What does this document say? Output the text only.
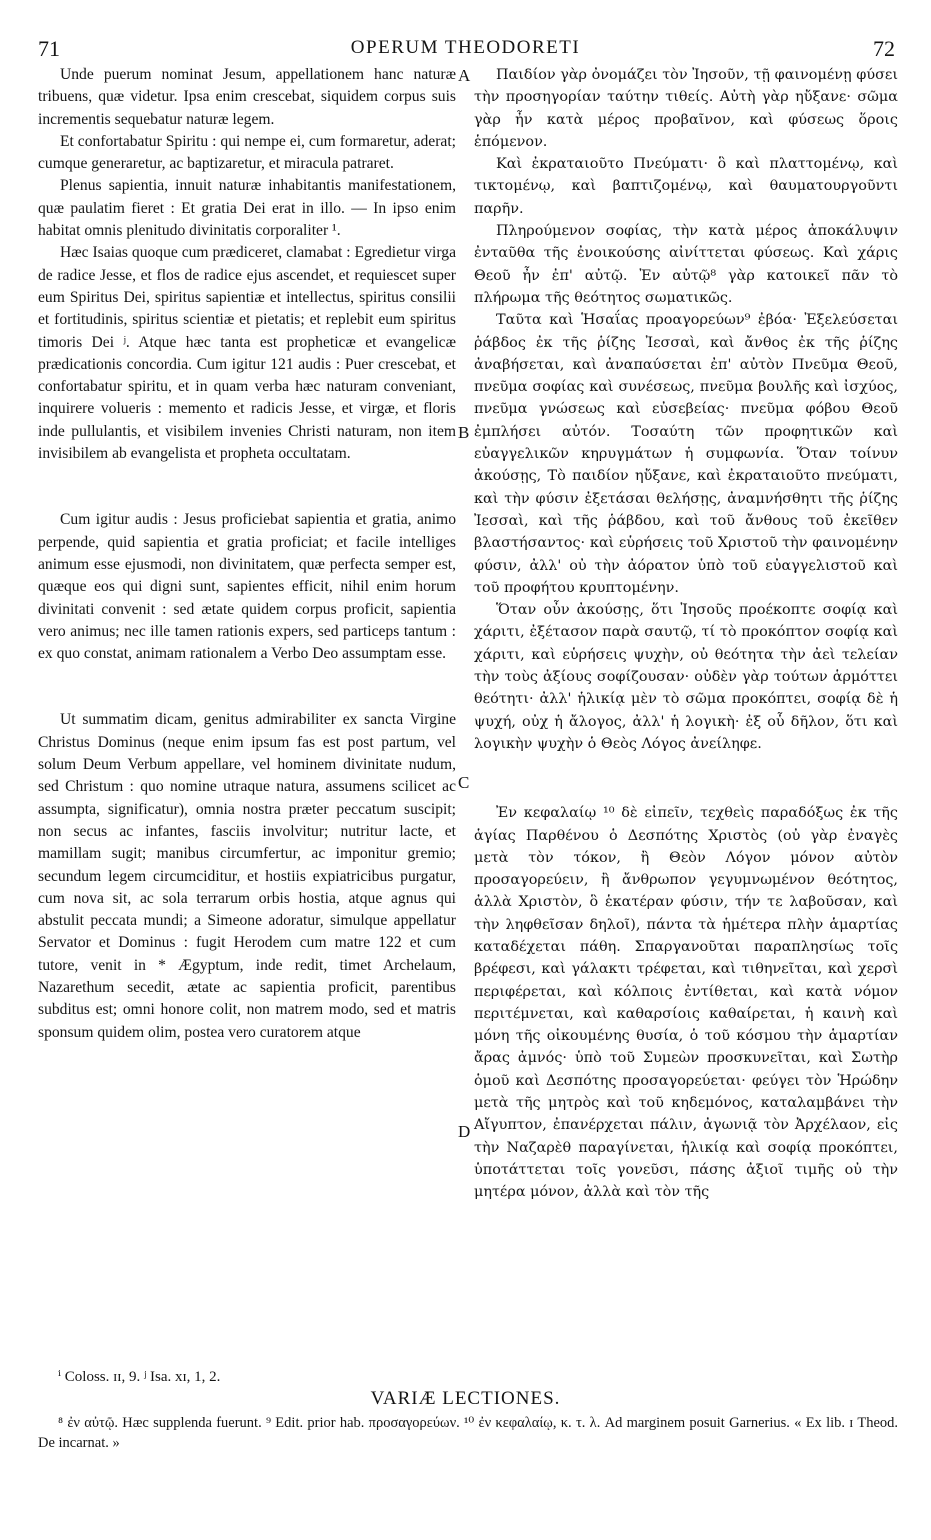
71	OPERUM THEODORETI	72

Unde puerum nominat Jesum, appellationem hanc naturæ tribuens, quæ videtur. Ipsa enim crescebat, siquidem corpus suis incrementis sequebatur naturæ legem.

Et confortabatur Spiritu : qui nempe ei, cum formaretur, aderat; cumque generaretur, ac baptizaretur, et miracula patraret.

Plenus sapientia, innuit naturæ inhabitantis manifestationem, quæ paulatim fieret : Et gratia Dei erat in illo. — In ipso enim habitat omnis plenitudo divinitatis corporaliter ¹.

Hæc Isaias quoque cum prædiceret, clamabat : Egredietur virga de radice Jesse, et flos de radice ejus ascendet, et requiescet super eum Spiritus Dei, spiritus sapientiæ et intellectus, spiritus consilii et fortitudinis, spiritus scientiæ et pietatis; et replebit eum spiritus timoris Dei ʲ. Atque hæc tanta est propheticæ et evangelicæ prædicationis concordia. Cum igitur 121 audis : Puer crescebat, et confortabatur spiritu, et in quam verba hæc naturam conveniant, inquirere volueris : memento et radicis Jesse, et virgæ, et floris inde pullulantis, et visibilem invenies Christi naturam, non item invisibilem ab evangelista et propheta occultatam.

Cum igitur audis : Jesus proficiebat sapientia et gratia, animo perpende, quid sapientia et gratia proficiat; et facile intelliges animum esse ejusmodi, non divinitatem, quæ perfecta semper est, quæque eos qui digni sunt, sapientes efficit, nihil enim horum divinitati convenit : sed ætate quidem corpus proficit, sapientia vero animus; nec ille tamen rationis expers, sed particeps tantum : ex quo constat, animam rationalem a Verbo Deo assumptam esse.

Ut summatim dicam, genitus admirabiliter ex sancta Virgine Christus Dominus (neque enim ipsum fas est post partum, vel solum Deum Verbum appellare, vel hominem divinitate nudum, sed Christum : quo nomine utraque natura, assumens scilicet ac assumpta, significatur), omnia nostra præter peccatum suscipit; non secus ac infantes, fasciis involvitur; nutritur lacte, et mamillam sugit; manibus circumfertur, ac imponitur gremio; secundum legem circumciditur, et hostiis expiatricibus purgatur, cum nova sit, ac sola terrarum orbis hostia, atque agnus qui abstulit peccata mundi; a Simeone adoratur, simulque appellatur Servator et Dominus : fugit Herodem cum matre 122 et cum tutore, venit in * Ægyptum, inde redit, timet Archelaum, Nazarethum secedit, ætate ac sapientia proficit, parentibus subditus est; omni honore colit, non matrem modo, sed et matris sponsum quidem olim, postea vero curatorem atque

A
B
C
D

Παιδίον γὰρ ὀνομάζει τὸν Ἰησοῦν, τῇ φαινομένῃ φύσει τὴν προσηγορίαν ταύτην τιθείς. Αὐτὴ γὰρ ηὔξανε· σῶμα γὰρ ἦν κατὰ μέρος προβαῖνον, καὶ φύσεως ὅροις ἑπόμενον.

Καὶ ἐκραταιοῦτο Πνεύματι· ὃ καὶ πλαττομένῳ, καὶ τικτομένῳ, καὶ βαπτιζομένῳ, καὶ θαυματουργοῦντι παρῆν.

Πληρούμενον σοφίας, τὴν κατὰ μέρος ἀποκάλυψιν ἐνταῦθα τῆς ἐνοικούσης αἰνίττεται φύσεως. Καὶ χάρις Θεοῦ ἦν ἐπ' αὐτῷ. Ἐν αὐτῷ⁸ γὰρ κατοικεῖ πᾶν τὸ πλήρωμα τῆς θεότητος σωματικῶς.

Ταῦτα καὶ Ἡσαΐας προαγορεύων⁹ ἐβόα· Ἐξελεύσεται ῥάβδος ἐκ τῆς ῥίζης Ἰεσσαὶ, καὶ ἄνθος ἐκ τῆς ῥίζης ἀναβήσεται, καὶ ἀναπαύσεται ἐπ' αὐτὸν Πνεῦμα Θεοῦ, πνεῦμα σοφίας καὶ συνέσεως, πνεῦμα βουλῆς καὶ ἰσχύος, πνεῦμα γνώσεως καὶ εὐσεβείας· πνεῦμα φόβου Θεοῦ ἐμπλήσει αὐτόν. Τοσαύτη τῶν προφητικῶν καὶ εὐαγγελικῶν κηρυγμάτων ἡ συμφωνία. Ὅταν τοίνυν ἀκούσῃς, Τὸ παιδίον ηὔξανε, καὶ ἐκραταιοῦτο πνεύματι, καὶ τὴν φύσιν ἐξετάσαι θελήσῃς, ἀναμνήσθητι τῆς ῥίζης Ἰεσσαὶ, καὶ τῆς ῥάβδου, καὶ τοῦ ἄνθους τοῦ ἐκεῖθεν βλαστήσαντος· καὶ εὑρήσεις τοῦ Χριστοῦ τὴν φαινομένην φύσιν, ἀλλ' οὐ τὴν ἀόρατον ὑπὸ τοῦ εὐαγγελιστοῦ καὶ τοῦ προφήτου κρυπτομένην.

Ὅταν οὖν ἀκούσῃς, ὅτι Ἰησοῦς προέκοπτε σοφίᾳ καὶ χάριτι, ἐξέτασον παρὰ σαυτῷ, τί τὸ προκόπτον σοφίᾳ καὶ χάριτι, καὶ εὑρήσεις ψυχὴν, οὐ θεότητα τὴν ἀεὶ τελείαν τὴν τοὺς ἀξίους σοφίζουσαν· οὐδὲν γὰρ τούτων ἁρμόττει θεότητι· ἀλλ' ἡλικίᾳ μὲν τὸ σῶμα προκόπτει, σοφίᾳ δὲ ἡ ψυχή, οὐχ ἡ ἄλογος, ἀλλ' ἡ λογικὴ· ἐξ οὗ δῆλον, ὅτι καὶ λογικὴν ψυχὴν ὁ Θεὸς Λόγος ἀνείληφε.

Ἐν κεφαλαίῳ ¹⁰ δὲ εἰπεῖν, τεχθεὶς παραδόξως ἐκ τῆς ἁγίας Παρθένου ὁ Δεσπότης Χριστὸς (οὐ γὰρ ἐναγὲς μετὰ τὸν τόκον, ἢ Θεὸν Λόγον μόνον αὐτὸν προσαγορεύειν, ἢ ἄνθρωπον γεγυμνωμένον θεότητος, ἀλλὰ Χριστὸν, ὃ ἑκατέραν φύσιν, τήν τε λαβοῦσαν, καὶ τὴν ληφθεῖσαν δηλοῖ), πάντα τὰ ἡμέτερα πλὴν ἁμαρτίας καταδέχεται πάθη. Σπαργανοῦται παραπλησίως τοῖς βρέφεσι, καὶ γάλακτι τρέφεται, καὶ τιθηνεῖται, καὶ χερσὶ περιφέρεται, καὶ κόλποις ἐντίθεται, καὶ κατὰ νόμον περιτέμνεται, καὶ καθαρσίοις καθαίρεται, ἡ καινὴ καὶ μόνη τῆς οἰκουμένης θυσία, ὁ τοῦ κόσμου τὴν ἁμαρτίαν ἄρας ἀμνός· ὑπὸ τοῦ Συμεὼν προσκυνεῖται, καὶ Σωτὴρ ὁμοῦ καὶ Δεσπότης προσαγορεύεται· φεύγει τὸν Ἡρώδην μετὰ τῆς μητρὸς καὶ τοῦ κηδεμόνος, καταλαμβάνει τὴν Αἴγυπτον, ἐπανέρχεται πάλιν, ἀγωνιᾷ τὸν Ἀρχέλαον, εἰς τὴν Ναζαρὲθ παραγίνεται, ἡλικίᾳ καὶ σοφίᾳ προκόπτει, ὑποτάττεται τοῖς γονεῦσι, πάσης ἀξιοῖ τιμῆς οὐ τὴν μητέρα μόνον, ἀλλὰ καὶ τὸν τῆς

ⁱ Coloss. ɪɪ, 9. ʲ Isa. xɪ, 1, 2.
VARIÆ LECTIONES.
⁸ ἐν αὐτῷ. Hæc supplenda fuerunt. ⁹ Edit. prior hab. προσαγορεύων. ¹⁰ ἐν κεφαλαίῳ, κ. τ. λ. Ad marginem posuit Garnerius. « Ex lib. ɪ Theod. De incarnat. »
